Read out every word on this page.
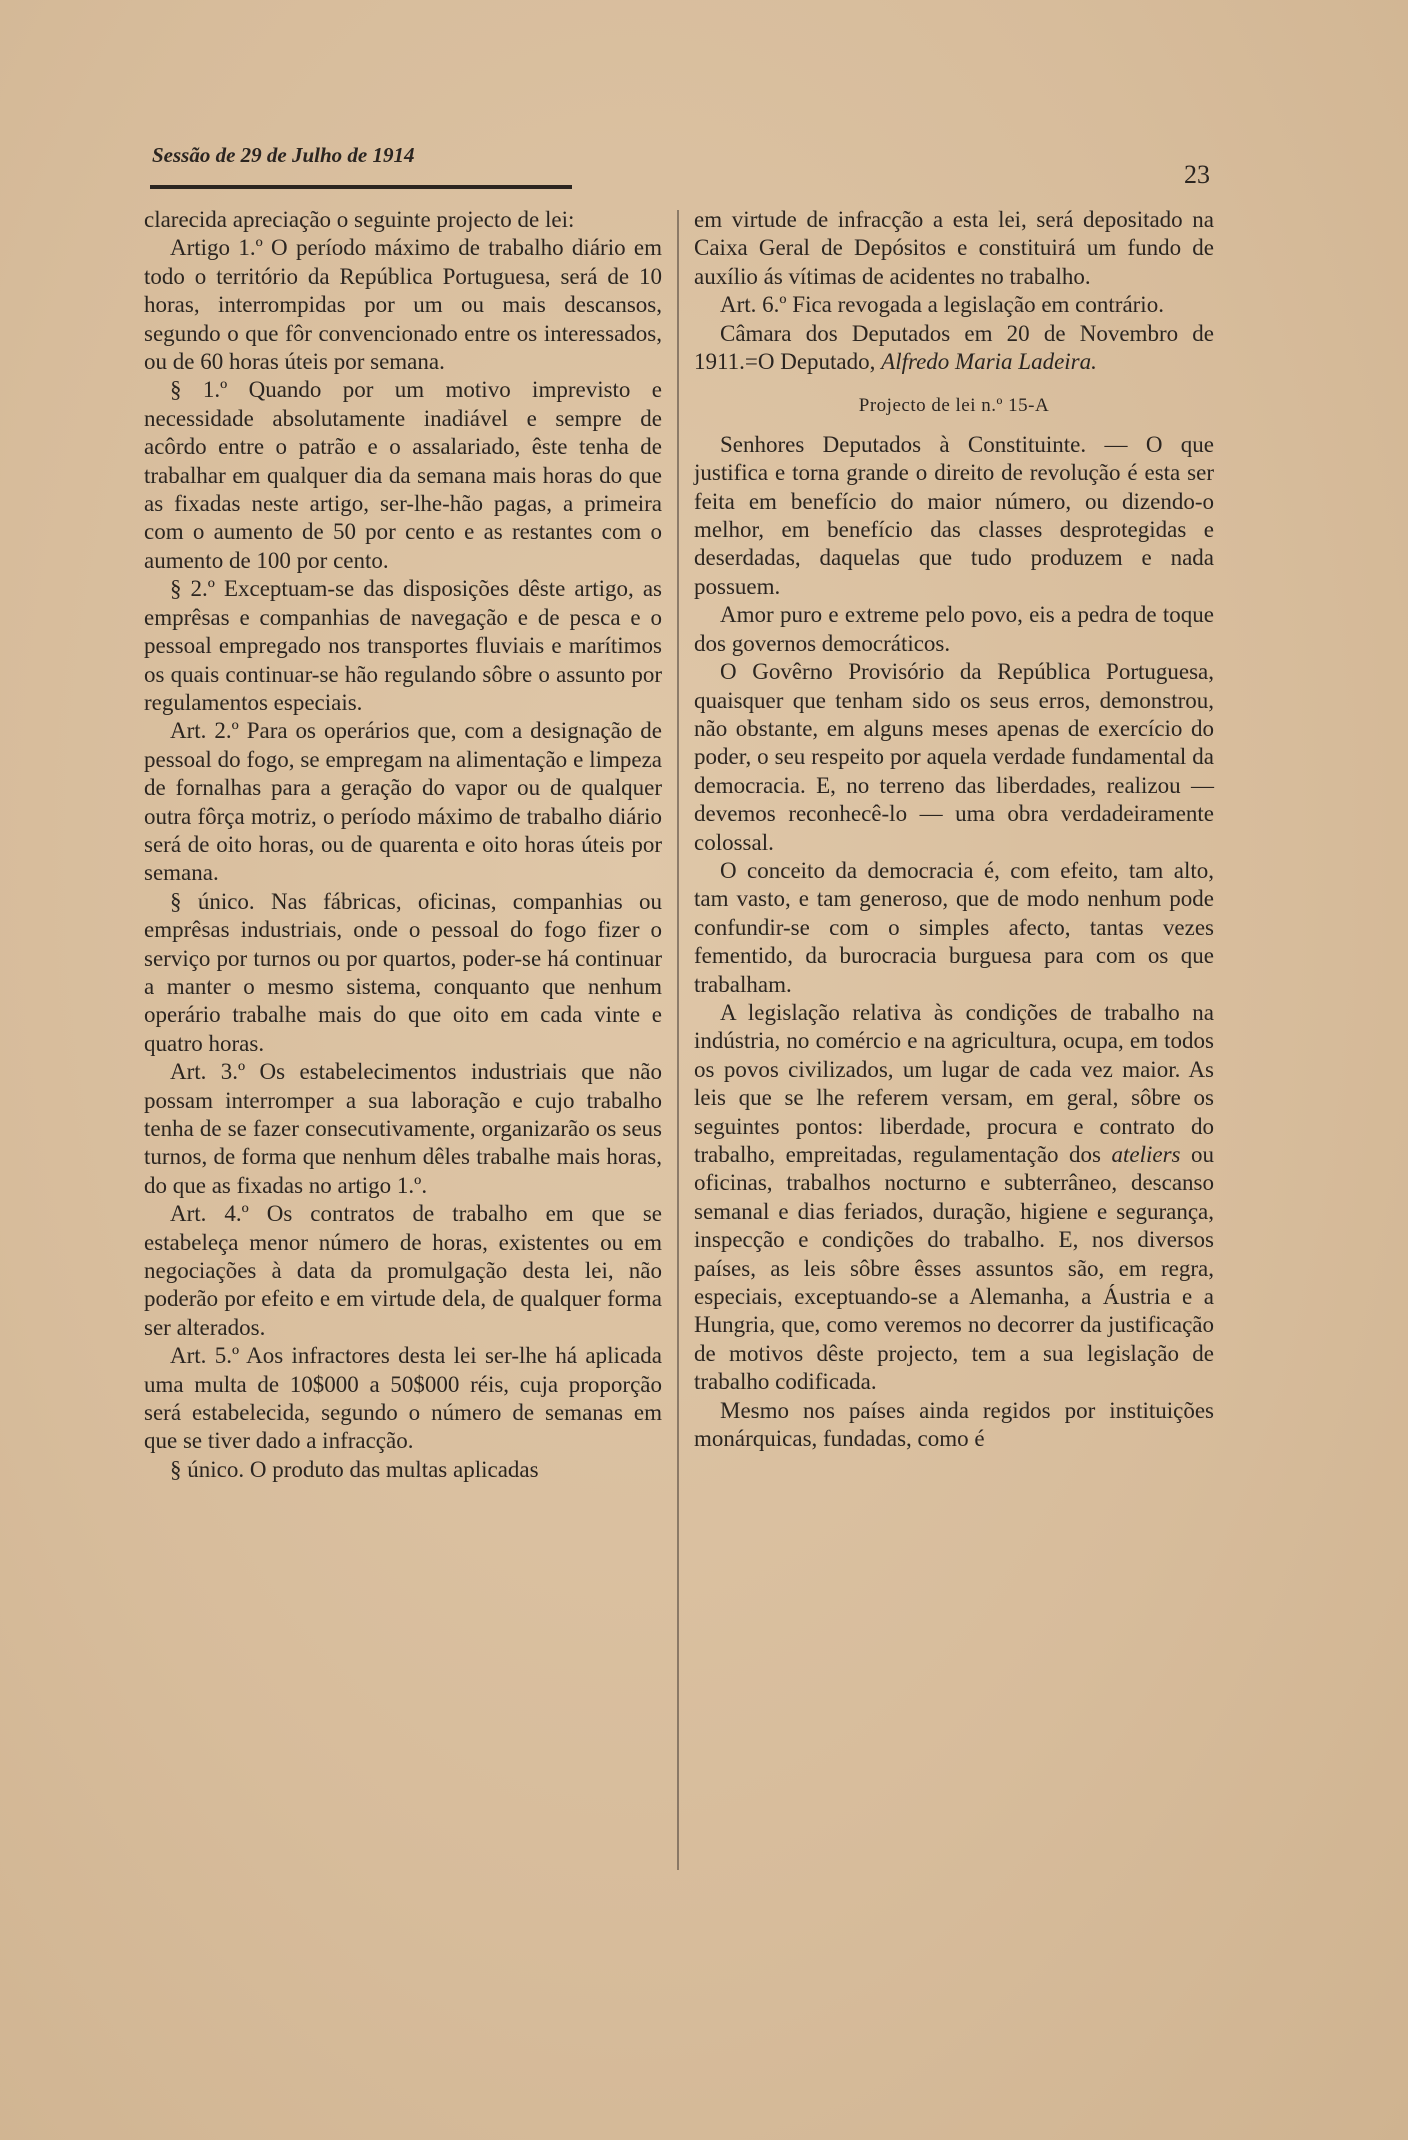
Sessão de 29 de Julho de 1914
23

clarecida apreciação o seguinte projecto de lei:

Artigo 1.º O período máximo de trabalho diário em todo o território da República Portuguesa, será de 10 horas, interrompidas por um ou mais descansos, segundo o que fôr convencionado entre os interessados, ou de 60 horas úteis por semana.

§ 1.º Quando por um motivo imprevisto e necessidade absolutamente inadiável e sempre de acôrdo entre o patrão e o assalariado, êste tenha de trabalhar em qualquer dia da semana mais horas do que as fixadas neste artigo, ser-lhe-hão pagas, a primeira com o aumento de 50 por cento e as restantes com o aumento de 100 por cento.

§ 2.º Exceptuam-se das disposições dêste artigo, as emprêsas e companhias de navegação e de pesca e o pessoal empregado nos transportes fluviais e marítimos os quais continuar-se hão regulando sôbre o assunto por regulamentos especiais.

Art. 2.º Para os operários que, com a designação de pessoal do fogo, se empregam na alimentação e limpeza de fornalhas para a geração do vapor ou de qualquer outra fôrça motriz, o período máximo de trabalho diário será de oito horas, ou de quarenta e oito horas úteis por semana.

§ único. Nas fábricas, oficinas, companhias ou emprêsas industriais, onde o pessoal do fogo fizer o serviço por turnos ou por quartos, poder-se há continuar a manter o mesmo sistema, conquanto que nenhum operário trabalhe mais do que oito em cada vinte e quatro horas.

Art. 3.º Os estabelecimentos industriais que não possam interromper a sua laboração e cujo trabalho tenha de se fazer consecutivamente, organizarão os seus turnos, de forma que nenhum dêles trabalhe mais horas, do que as fixadas no artigo 1.º.

Art. 4.º Os contratos de trabalho em que se estabeleça menor número de horas, existentes ou em negociações à data da promulgação desta lei, não poderão por efeito e em virtude dela, de qualquer forma ser alterados.

Art. 5.º Aos infractores desta lei ser-lhe há aplicada uma multa de 10$000 a 50$000 réis, cuja proporção será estabelecida, segundo o número de semanas em que se tiver dado a infracção.

§ único. O produto das multas aplicadas

em virtude de infracção a esta lei, será depositado na Caixa Geral de Depósitos e constituirá um fundo de auxílio ás vítimas de acidentes no trabalho.

Art. 6.º Fica revogada a legislação em contrário.

Câmara dos Deputados em 20 de Novembro de 1911.=O Deputado, Alfredo Maria Ladeira.

Projecto de lei n.º 15-A

Senhores Deputados à Constituinte. — O que justifica e torna grande o direito de revolução é esta ser feita em benefício do maior número, ou dizendo-o melhor, em benefício das classes desprotegidas e deserdadas, daquelas que tudo produzem e nada possuem.

Amor puro e extreme pelo povo, eis a pedra de toque dos governos democráticos.

O Govêrno Provisório da República Portuguesa, quaisquer que tenham sido os seus erros, demonstrou, não obstante, em alguns meses apenas de exercício do poder, o seu respeito por aquela verdade fundamental da democracia. E, no terreno das liberdades, realizou — devemos reconhecê-lo — uma obra verdadeiramente colossal.

O conceito da democracia é, com efeito, tam alto, tam vasto, e tam generoso, que de modo nenhum pode confundir-se com o simples afecto, tantas vezes fementido, da burocracia burguesa para com os que trabalham.

A legislação relativa às condições de trabalho na indústria, no comércio e na agricultura, ocupa, em todos os povos civilizados, um lugar de cada vez maior. As leis que se lhe referem versam, em geral, sôbre os seguintes pontos: liberdade, procura e contrato do trabalho, empreitadas, regulamentação dos ateliers ou oficinas, trabalhos nocturno e subterrâneo, descanso semanal e dias feriados, duração, higiene e segurança, inspecção e condições do trabalho. E, nos diversos países, as leis sôbre êsses assuntos são, em regra, especiais, exceptuando-se a Alemanha, a Áustria e a Hungria, que, como veremos no decorrer da justificação de motivos dêste projecto, tem a sua legislação de trabalho codificada.

Mesmo nos países ainda regidos por instituições monárquicas, fundadas, como é
